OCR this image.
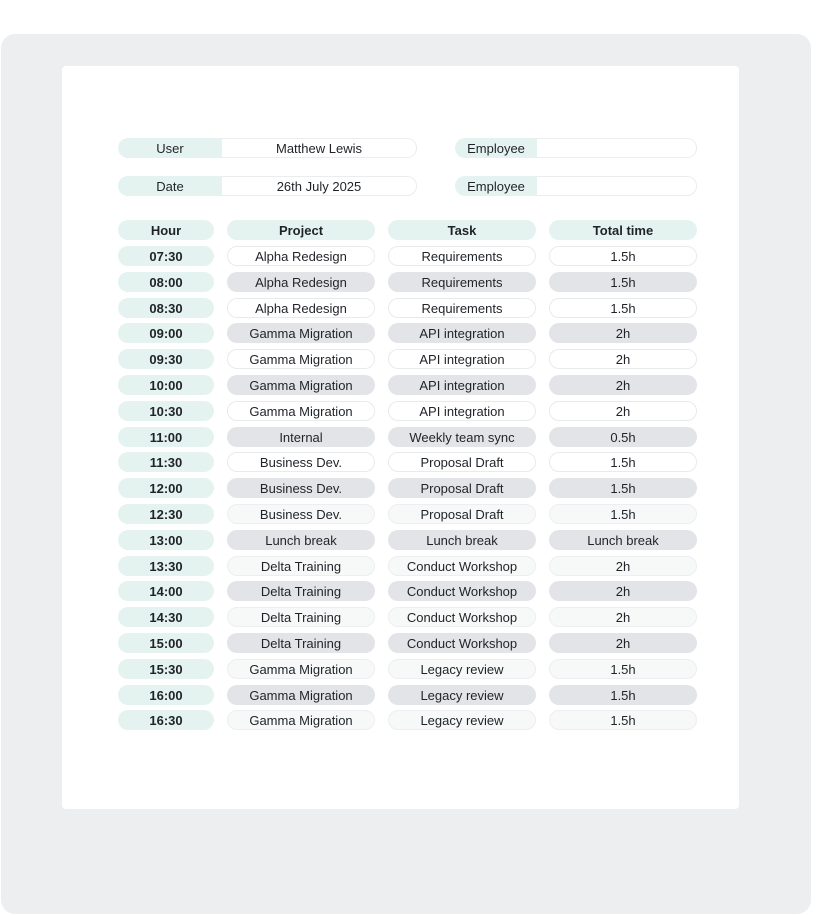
User	Matthew Lewis	Employee
Date	26th July 2025	Employee
Hour	Project	Task	Total time
07:30	Alpha Redesign	Requirements	1.5h
08:00	Alpha Redesign	Requirements	1.5h
08:30	Alpha Redesign	Requirements	1.5h
09:00	Gamma Migration	API integration	2h
09:30	Gamma Migration	API integration	2h
10:00	Gamma Migration	API integration	2h
10:30	Gamma Migration	API integration	2h
11:00	Internal	Weekly team sync	0.5h
11:30	Business Dev.	Proposal Draft	1.5h
12:00	Business Dev.	Proposal Draft	1.5h
12:30	Business Dev.	Proposal Draft	1.5h
13:00	Lunch break	Lunch break	Lunch break
13:30	Delta Training	Conduct Workshop	2h
14:00	Delta Training	Conduct Workshop	2h
14:30	Delta Training	Conduct Workshop	2h
15:00	Delta Training	Conduct Workshop	2h
15:30	Gamma Migration	Legacy review	1.5h
16:00	Gamma Migration	Legacy review	1.5h
16:30	Gamma Migration	Legacy review	1.5h
